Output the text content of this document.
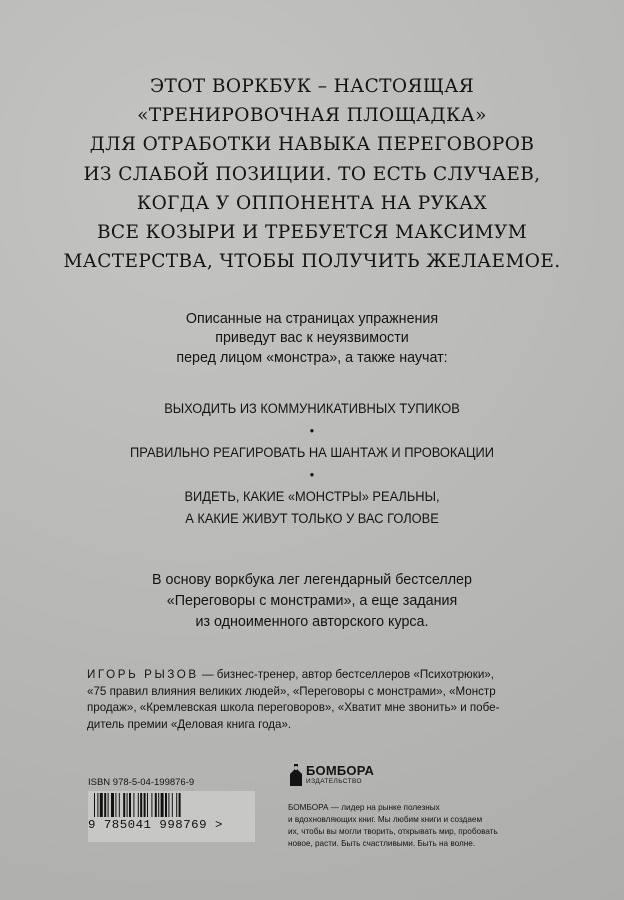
ЭТОТ ВОРКБУК – НАСТОЯЩАЯ
«ТРЕНИРОВОЧНАЯ ПЛОЩАДКА»
ДЛЯ ОТРАБОТКИ НАВЫКА ПЕРЕГОВОРОВ
ИЗ СЛАБОЙ ПОЗИЦИИ. ТО ЕСТЬ СЛУЧАЕВ,
КОГДА У ОППОНЕНТА НА РУКАХ
ВСЕ КОЗЫРИ И ТРЕБУЕТСЯ МАКСИМУМ
МАСТЕРСТВА, ЧТОБЫ ПОЛУЧИТЬ ЖЕЛАЕМОЕ.
Описанные на страницах упражнения
приведут вас к неуязвимости
перед лицом «монстра», а также научат:
ВЫХОДИТЬ ИЗ КОММУНИКАТИВНЫХ ТУПИКОВ
•
ПРАВИЛЬНО РЕАГИРОВАТЬ НА ШАНТАЖ И ПРОВОКАЦИИ
•
ВИДЕТЬ, КАКИЕ «МОНСТРЫ» РЕАЛЬНЫ,
А КАКИЕ ЖИВУТ ТОЛЬКО У ВАС ГОЛОВЕ
В основу воркбука лег легендарный бестселлер
«Переговоры с монстрами», а еще задания
из одноименного авторского курса.
ИГОРЬ РЫЗОВ — бизнес-тренер, автор бестселлеров «Психотрюки»,
«75 правил влияния великих людей», «Переговоры с монстрами», «Монстр
продаж», «Кремлевская школа переговоров», «Хватит мне звонить» и побе-
дитель премии «Деловая книга года».
ISBN 978-5-04-199876-9
9 785041 998769 >
БОМБОРА
ИЗДАТЕЛЬСТВО
БОМБОРА — лидер на рынке полезных
и вдохновляющих книг. Мы любим книги и создаем
их, чтобы вы могли творить, открывать мир, пробовать
новое, расти. Быть счастливыми. Быть на волне.
